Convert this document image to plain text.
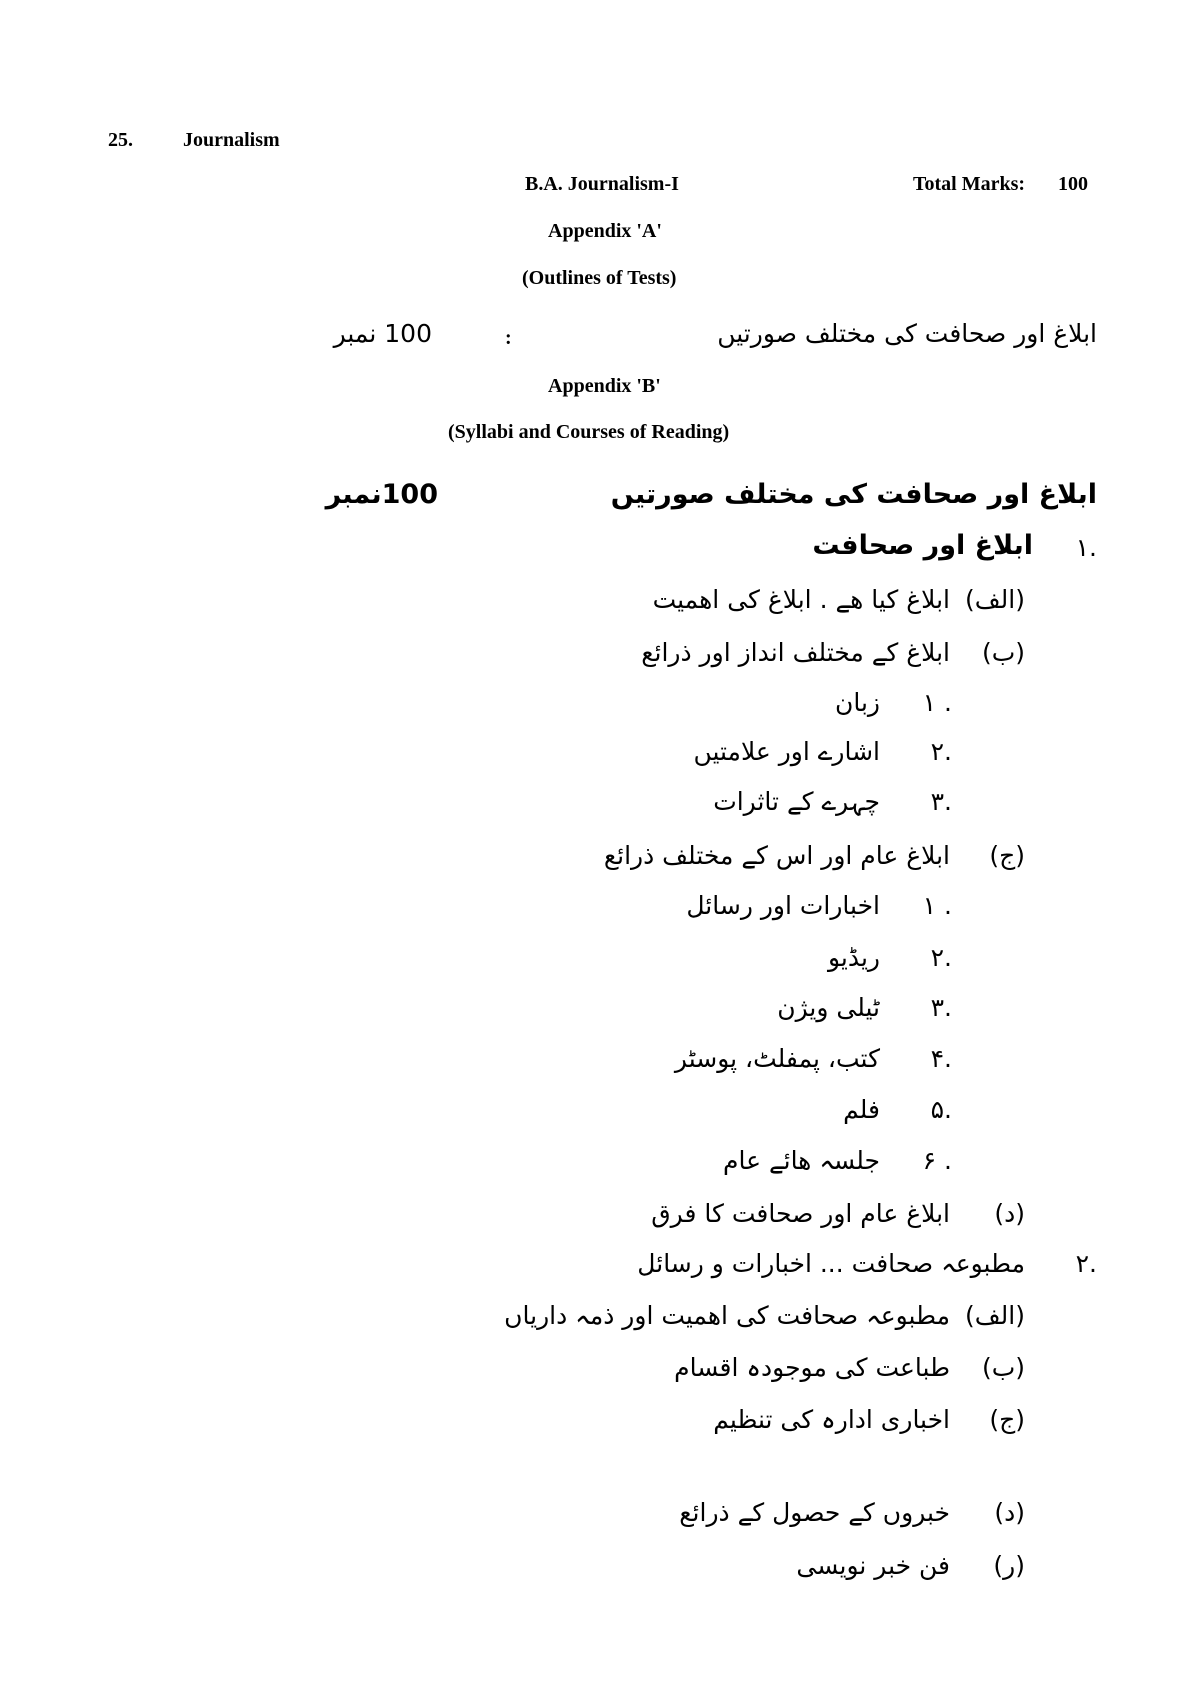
25.	Journalism
B.A. Journalism-I	Total Marks: 100
Appendix 'A'
(Outlines of Tests)
ابلاغ اور صحافت کی مختلف صورتیں
:
100 نمبر
Appendix 'B'
(Syllabi and Courses of Reading)
ابلاغ اور صحافت کی مختلف صورتیں
100نمبر
۱.
ابلاغ اور صحافت
(الف)
ابلاغ کیا ھے . ابلاغ کی اھمیت
(ب)
ابلاغ کے مختلف انداز اور ذرائع
۱ .
زبان
۲.
اشارے اور علامتیں
۳.
چہرے کے تاثرات
(ج)
ابلاغ عام اور اس کے مختلف ذرائع
۱ .
اخبارات اور رسائل
۲.
ریڈیو
۳.
ٹیلی ویژن
۴.
کتب، پمفلٹ، پوسٹر
۵.
فلم
۶ .
جلسہ ھائے عام
(د)
ابلاغ عام اور صحافت کا فرق
۲.
مطبوعہ صحافت ... اخبارات و رسائل
(الف)
مطبوعہ صحافت کی اھمیت اور ذمہ داریاں
(ب)
طباعت کی موجودہ اقسام
(ج)
اخباری ادارہ کی تنظیم
(د)
خبروں کے حصول کے ذرائع
(ر)
فن خبر نویسی
